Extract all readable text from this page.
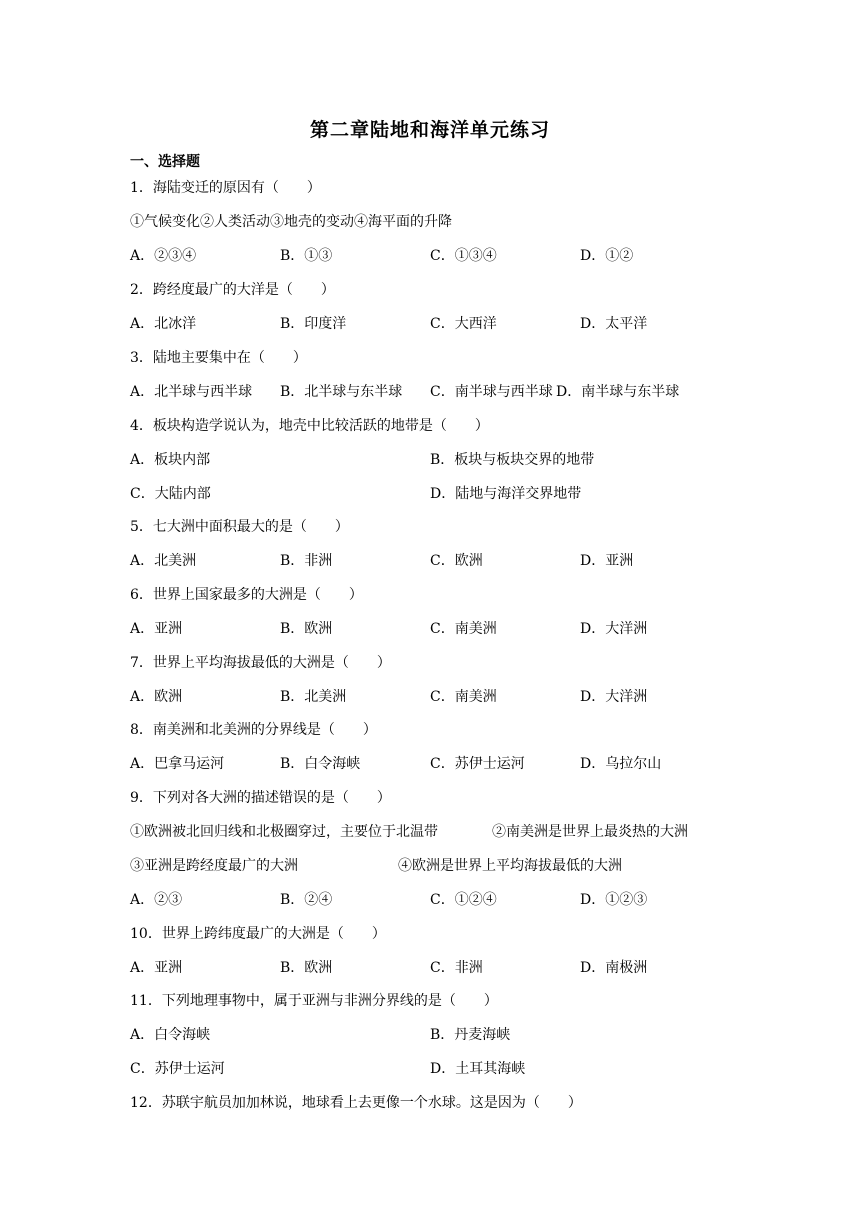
第二章陆地和海洋单元练习
一、选择题
1．海陆变迁的原因有（　　）
①气候变化②人类活动③地壳的变动④海平面的升降
A．②③④	B．①③	C．①③④	D．①②
2．跨经度最广的大洋是（　　）
A．北冰洋	B．印度洋	C．大西洋	D．太平洋
3．陆地主要集中在（　　）
A．北半球与西半球 B．北半球与东半球 C．南半球与西半球 D．南半球与东半球
4．板块构造学说认为，地壳中比较活跃的地带是（　　）
A．板块内部	B．板块与板块交界的地带
C．大陆内部	D．陆地与海洋交界地带
5．七大洲中面积最大的是（　　）
A．北美洲	B．非洲	C．欧洲	D．亚洲
6．世界上国家最多的大洲是（　　）
A．亚洲	B．欧洲	C．南美洲	D．大洋洲
7．世界上平均海拔最低的大洲是（　　）
A．欧洲	B．北美洲	C．南美洲	D．大洋洲
8．南美洲和北美洲的分界线是（　　）
A．巴拿马运河	B．白令海峡	C．苏伊士运河	D．乌拉尔山
9．下列对各大洲的描述错误的是（　　）
①欧洲被北回归线和北极圈穿过，主要位于北温带	②南美洲是世界上最炎热的大洲
③亚洲是跨经度最广的大洲	④欧洲是世界上平均海拔最低的大洲
A．②③	B．②④	C．①②④	D．①②③
10．世界上跨纬度最广的大洲是（　　）
A．亚洲	B．欧洲	C．非洲	D．南极洲
11．下列地理事物中，属于亚洲与非洲分界线的是（　　）
A．白令海峡	B．丹麦海峡
C．苏伊士运河	D．土耳其海峡
12．苏联宇航员加加林说，地球看上去更像一个水球。这是因为（　　）
